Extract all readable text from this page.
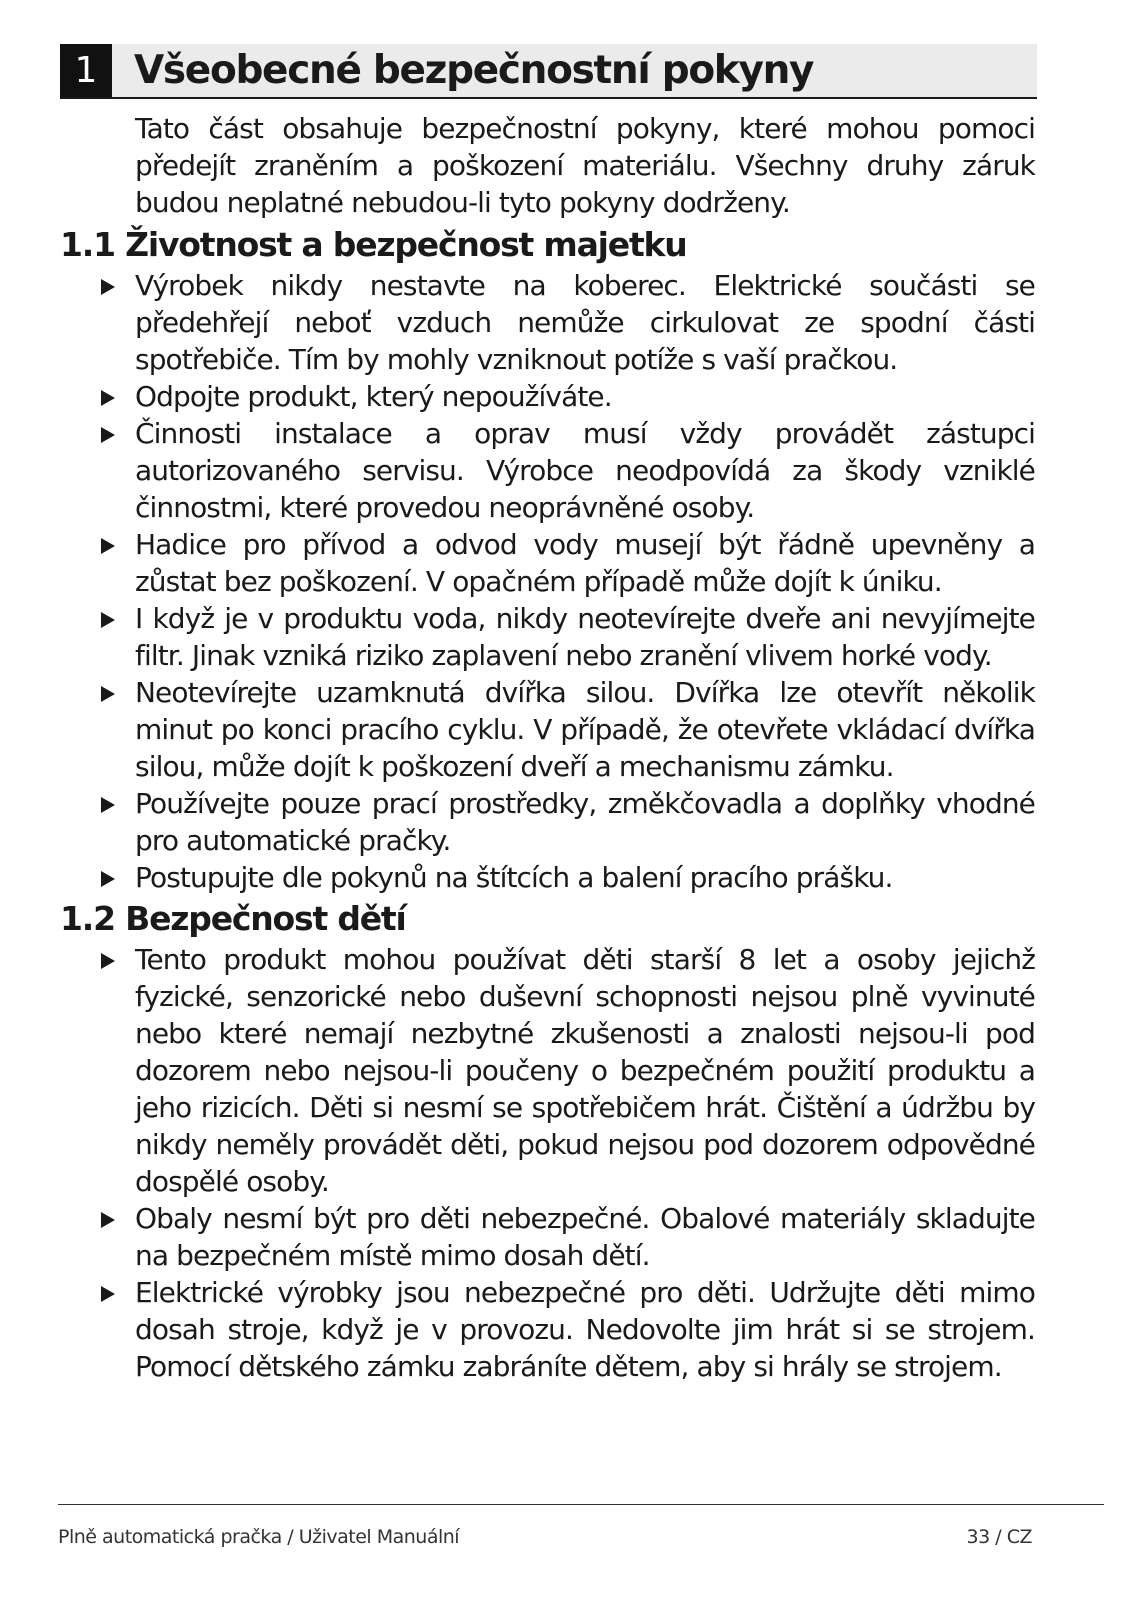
1 Všeobecné bezpečnostní pokyny

Tato část obsahuje bezpečnostní pokyny, které mohou pomoci předejít zraněním a poškození materiálu. Všechny druhy záruk budou neplatné nebudou-li tyto pokyny dodrženy.

1.1 Životnost a bezpečnost majetku
Výrobek nikdy nestavte na koberec. Elektrické součásti se předehřejí neboť vzduch nemůže cirkulovat ze spodní části spotřebiče. Tím by mohly vzniknout potíže s vaší pračkou.
Odpojte produkt, který nepoužíváte.
Činnosti instalace a oprav musí vždy provádět zástupci autorizovaného servisu. Výrobce neodpovídá za škody vzniklé činnostmi, které provedou neoprávněné osoby.
Hadice pro přívod a odvod vody musejí být řádně upevněny a zůstat bez poškození. V opačném případě může dojít k úniku.
I když je v produktu voda, nikdy neotevírejte dveře ani nevyjímejte filtr. Jinak vzniká riziko zaplavení nebo zranění vlivem horké vody.
Neotevírejte uzamknutá dvířka silou. Dvířka lze otevřít několik minut po konci pracího cyklu. V případě, že otevřete vkládací dvířka silou, může dojít k poškození dveří a mechanismu zámku.
Používejte pouze prací prostředky, změkčovadla a doplňky vhodné pro automatické pračky.
Postupujte dle pokynů na štítcích a balení pracího prášku.
1.2 Bezpečnost dětí
Tento produkt mohou používat děti starší 8 let a osoby jejichž fyzické, senzorické nebo duševní schopnosti nejsou plně vyvinuté nebo které nemají nezbytné zkušenosti a znalosti nejsou-li pod dozorem nebo nejsou-li poučeny o bezpečném použití produktu a jeho rizicích. Děti si nesmí se spotřebičem hrát. Čištění a údržbu by nikdy neměly provádět děti, pokud nejsou pod dozorem odpovědné dospělé osoby.
Obaly nesmí být pro děti nebezpečné. Obalové materiály skladujte na bezpečném místě mimo dosah dětí.
Elektrické výrobky jsou nebezpečné pro děti. Udržujte děti mimo dosah stroje, když je v provozu. Nedovolte jim hrát si se strojem. Pomocí dětského zámku zabráníte dětem, aby si hrály se strojem.
Plně automatická pračka / Uživatel Manuální	33 / CZ
